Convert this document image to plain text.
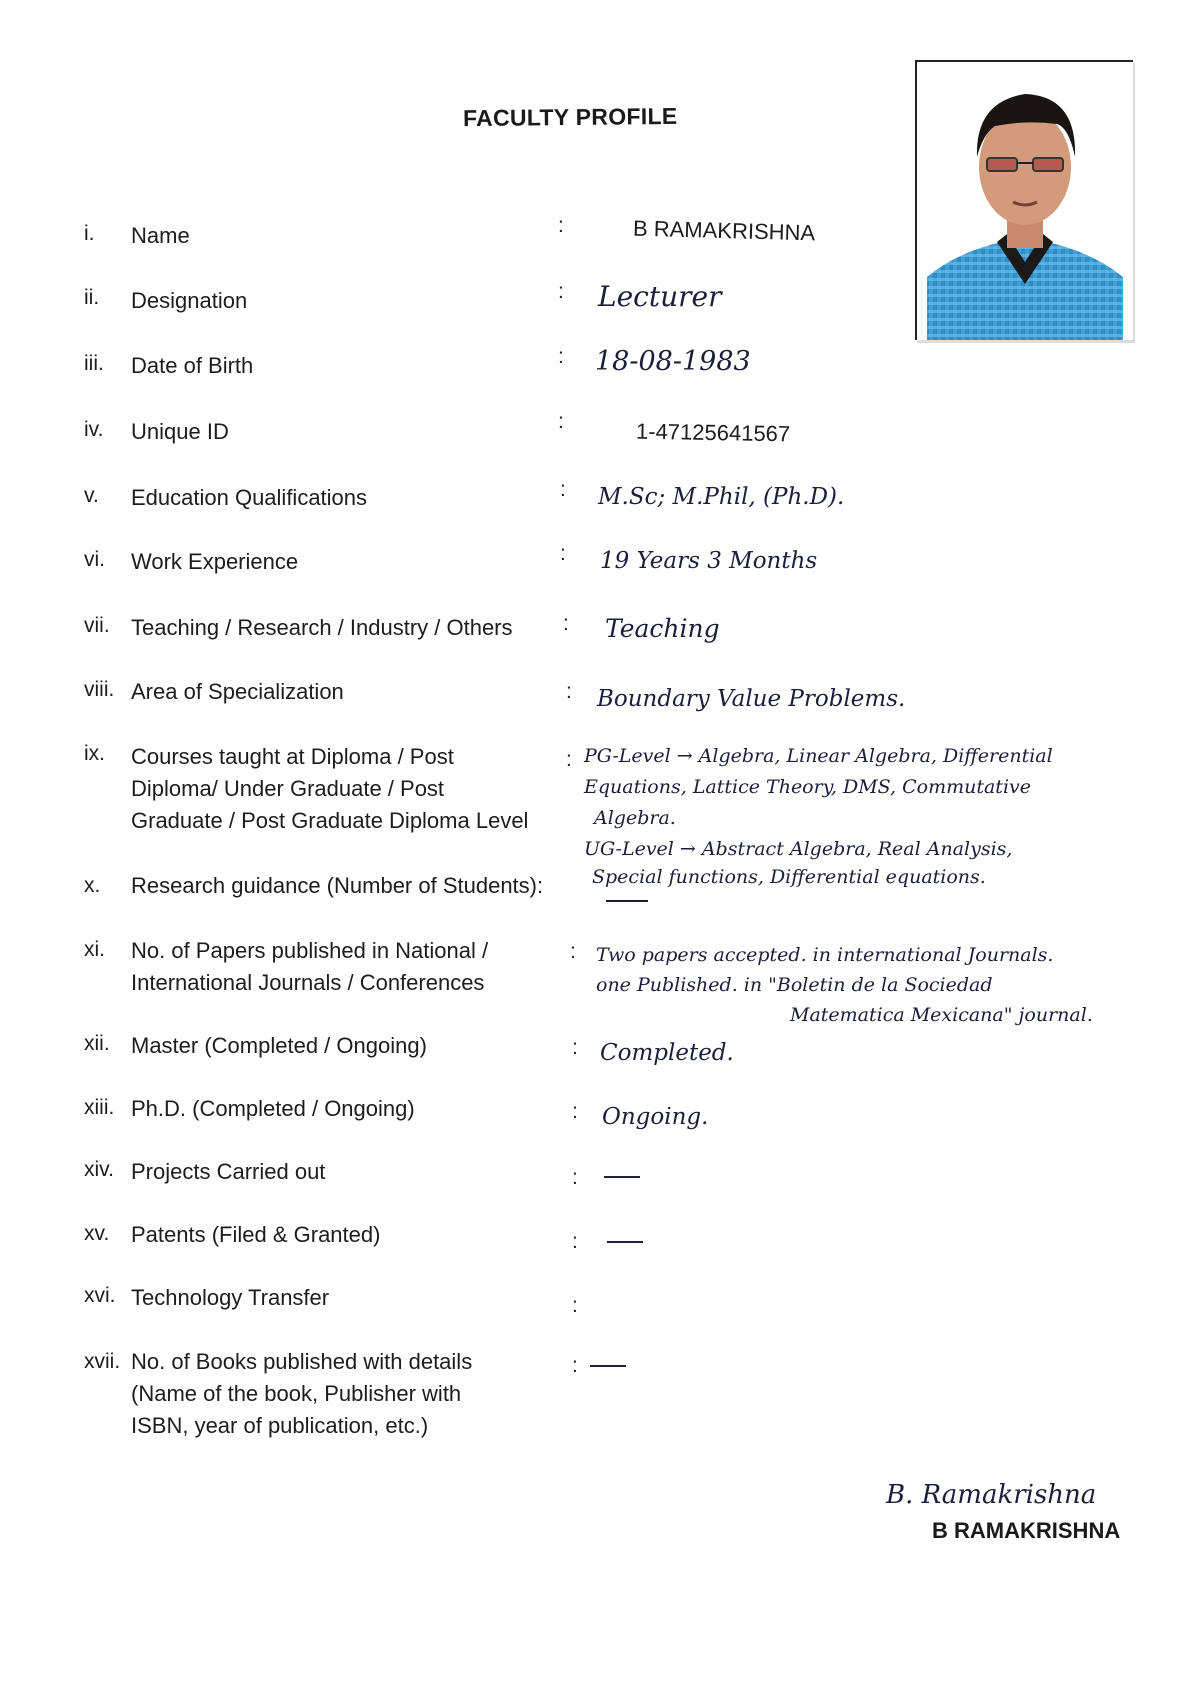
FACULTY PROFILE
i. Name	:	B RAMAKRISHNA
ii. Designation	: Lecturer
iii. Date of Birth	: 18-08-1983
iv. Unique ID	:	1-47125641567
v. Education Qualifications	: M.Sc; M.Phil, (Ph.D).
vi. Work Experience	: 19 Years 3 Months
vii. Teaching / Research / Industry / Others : Teaching
viii. Area of Specialization	: Boundary Value Problems.
ix. Courses taught at Diploma / Post
Diploma/ Under Graduate / Post
Graduate / Post Graduate Diploma Level
: PG-Level → Algebra, Linear Algebra, Differential
Equations, Lattice Theory, DMS, Commutative
Algebra.
UG-Level → Abstract Algebra, Real Analysis,
Special functions, Differential equations.
x. Research guidance (Number of Students):
xi. No. of Papers published in National /
International Journals / Conferences
: Two papers accepted. in international Journals.
one Published. in "Boletin de la Sociedad
Matematica Mexicana" journal.
xii. Master (Completed / Ongoing)	: Completed.
xiii. Ph.D. (Completed / Ongoing)	: Ongoing.
xiv. Projects Carried out	:
xv. Patents (Filed & Granted)	:
xvi. Technology Transfer	:
xvii. No. of Books published with details
(Name of the book, Publisher with
ISBN, year of publication, etc.)
:
B. Ramakrishna
B RAMAKRISHNA
